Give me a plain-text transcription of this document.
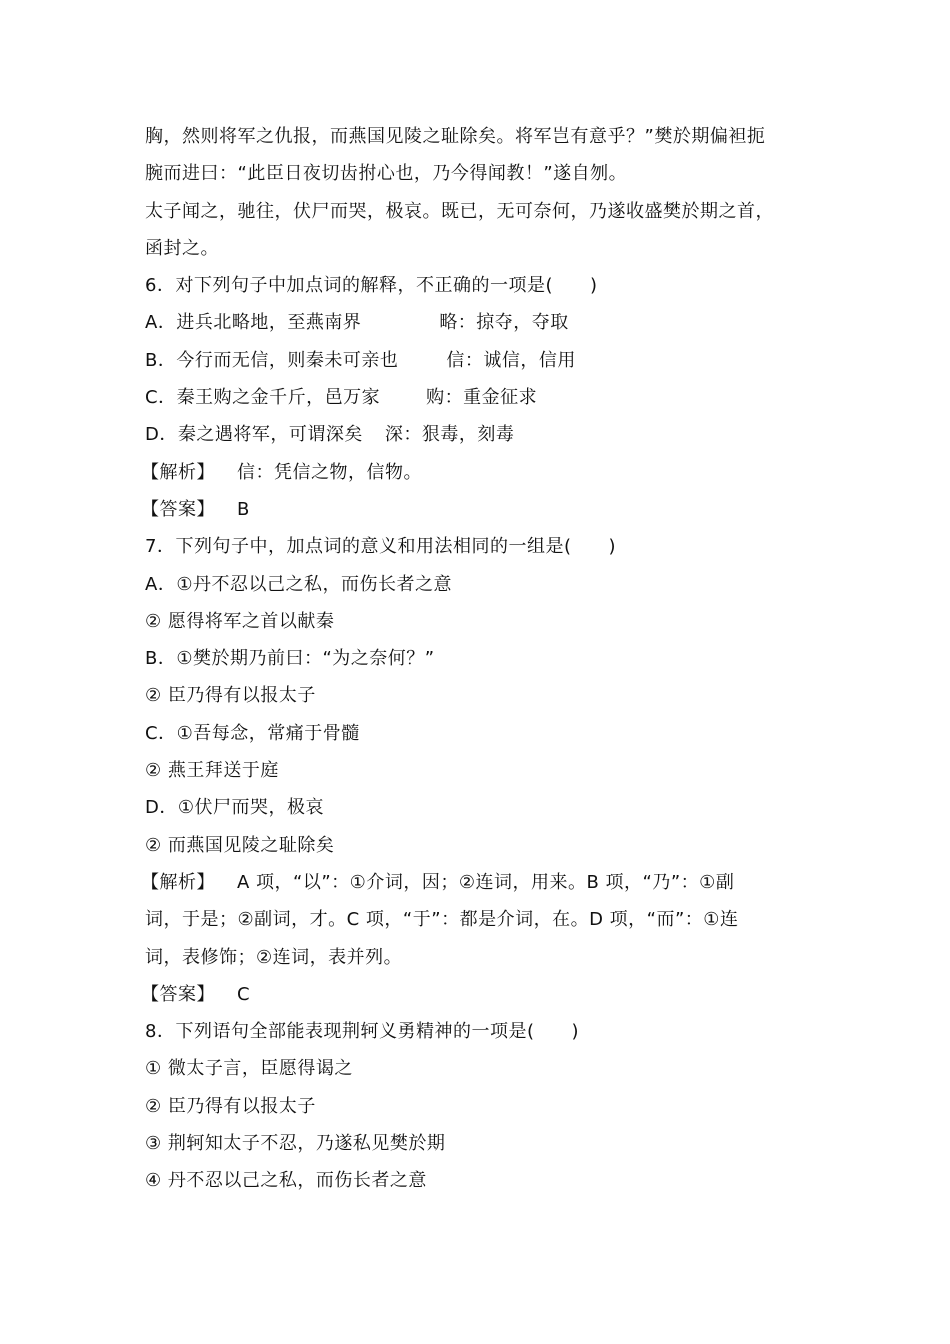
胸，然则将军之仇报，而燕国见陵之耻除矣。将军岂有意乎？”樊於期偏袒扼
腕而进曰：“此臣日夜切齿拊心也，乃今得闻教！”遂自刎。
太子闻之，驰往，伏尸而哭，极哀。既已，无可奈何，乃遂收盛樊於期之首，
函封之。
6．对下列句子中加点词的解释，不正确的一项是(　　)
A．进兵北略地，至燕南界	略：掠夺，夺取
B．今行而无信，则秦未可亲也	信：诚信，信用
C．秦王购之金千斤，邑万家	购：重金征求
D．秦之遇将军，可谓深矣 深：狠毒，刻毒
【解析】 信：凭信之物，信物。
【答案】 B
7．下列句子中，加点词的意义和用法相同的一组是(　　)
A．①丹不忍以己之私，而伤长者之意
② 愿得将军之首以献秦
B．①樊於期乃前曰：“为之奈何？”
② 臣乃得有以报太子
C．①吾每念，常痛于骨髓
② 燕王拜送于庭
D．①伏尸而哭，极哀
② 而燕国见陵之耻除矣
【解析】 A 项，“以”：①介词，因；②连词，用来。B 项，“乃”：①副
词，于是；②副词，才。C 项，“于”：都是介词，在。D 项，“而”：①连
词，表修饰；②连词，表并列。
【答案】 C
8．下列语句全部能表现荆轲义勇精神的一项是(　　)
① 微太子言，臣愿得谒之
② 臣乃得有以报太子
③ 荆轲知太子不忍，乃遂私见樊於期
④ 丹不忍以己之私，而伤长者之意
